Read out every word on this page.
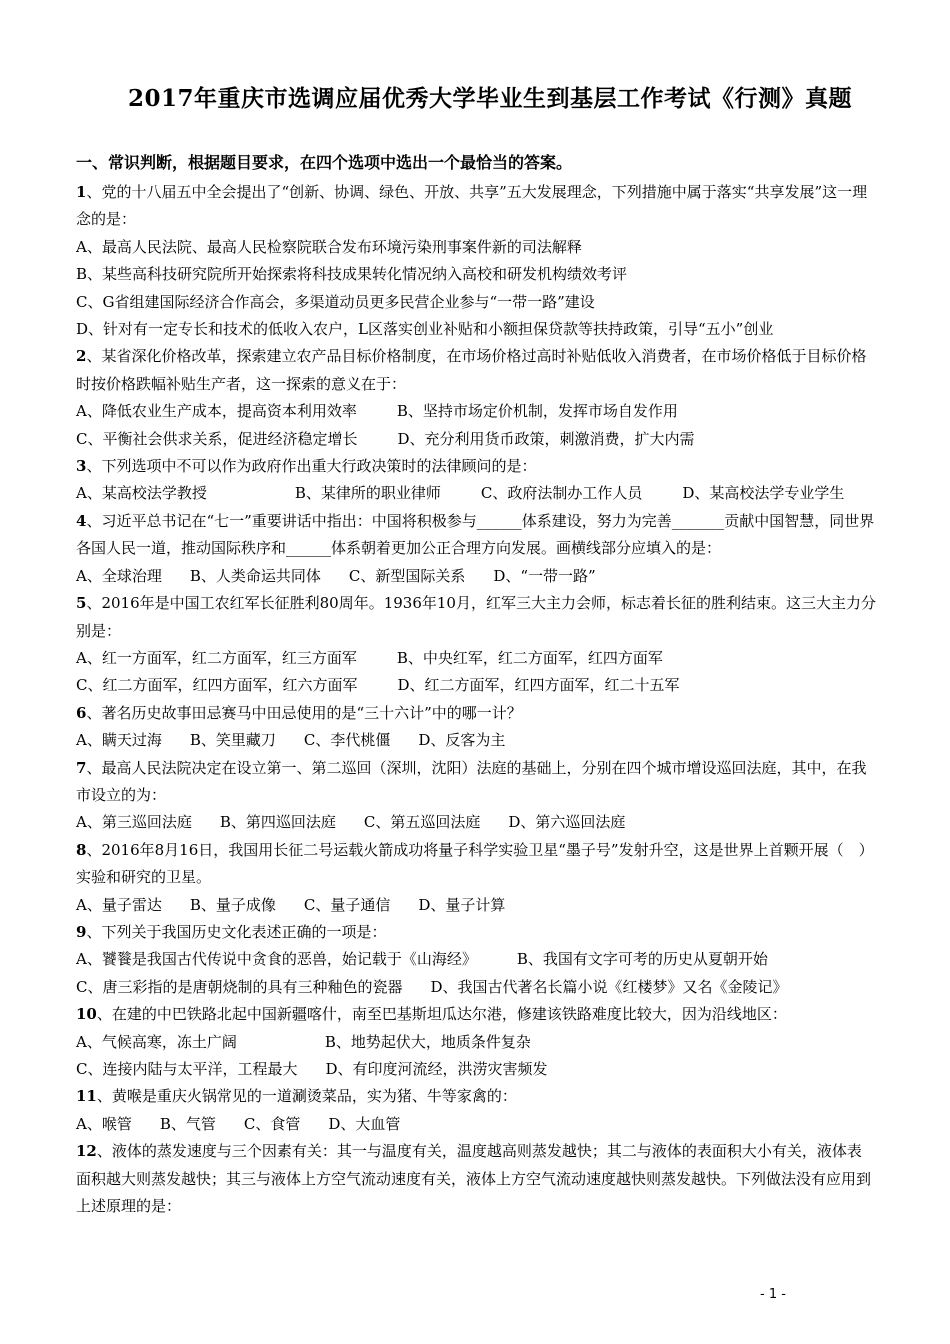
2017年重庆市选调应届优秀大学毕业生到基层工作考试《行测》真题
一、常识判断，根据题目要求，在四个选项中选出一个最恰当的答案。

1、党的十八届五中全会提出了“创新、协调、绿色、开放、共享”五大发展理念，下列措施中属于落实“共享发展”这一理念的是：

A、最高人民法院、最高人民检察院联合发布环境污染刑事案件新的司法解释

B、某些高科技研究院所开始探索将科技成果转化情况纳入高校和研发机构绩效考评

C、G省组建国际经济合作高会，多渠道动员更多民营企业参与“一带一路”建设

D、针对有一定专长和技术的低收入农户，L区落实创业补贴和小额担保贷款等扶持政策，引导“五小”创业

2、某省深化价格改革，探索建立农产品目标价格制度，在市场价格过高时补贴低收入消费者，在市场价格低于目标价格时按价格跌幅补贴生产者，这一探索的意义在于：

A、降低农业生产成本，提高资本利用效率	B、坚持市场定价机制，发挥市场自发作用

C、平衡社会供求关系，促进经济稳定增长	D、充分利用货币政策，刺激消费，扩大内需

3、下列选项中不可以作为政府作出重大行政决策时的法律顾问的是：

A、某高校法学教授	B、某律所的职业律师	C、政府法制办工作人员	D、某高校法学专业学生

4、习近平总书记在“七一”重要讲话中指出：中国将积极参与______体系建设，努力为完善_______贡献中国智慧，同世界各国人民一道，推动国际秩序和______体系朝着更加公正合理方向发展。画横线部分应填入的是：

A、全球治理 B、人类命运共同体 C、新型国际关系 D、“一带一路”

5、2016年是中国工农红军长征胜利80周年。1936年10月，红军三大主力会师，标志着长征的胜利结束。这三大主力分别是：

A、红一方面军，红二方面军，红三方面军	B、中央红军，红二方面军，红四方面军

C、红二方面军，红四方面军，红六方面军	D、红二方面军，红四方面军，红二十五军

6、著名历史故事田忌赛马中田忌使用的是“三十六计”中的哪一计？

A、瞒天过海 B、笑里藏刀 C、李代桃僵 D、反客为主

7、最高人民法院决定在设立第一、第二巡回（深圳，沈阳）法庭的基础上，分别在四个城市增设巡回法庭，其中，在我市设立的为：

A、第三巡回法庭 B、第四巡回法庭 C、第五巡回法庭 D、第六巡回法庭

8、2016年8月16日，我国用长征二号运载火箭成功将量子科学实验卫星“墨子号”发射升空，这是世界上首颗开展（　）实验和研究的卫星。

A、量子雷达 B、量子成像 C、量子通信 D、量子计算

9、下列关于我国历史文化表述正确的一项是：

A、饕餮是我国古代传说中贪食的恶兽，始记载于《山海经》	B、我国有文字可考的历史从夏朝开始

C、唐三彩指的是唐朝烧制的具有三种釉色的瓷器 D、我国古代著名长篇小说《红楼梦》又名《金陵记》

10、在建的中巴铁路北起中国新疆喀什，南至巴基斯坦瓜达尔港，修建该铁路难度比较大，因为沿线地区：

A、气候高寒，冻土广阔	B、地势起伏大，地质条件复杂

C、连接内陆与太平洋，工程最大 D、有印度河流经，洪涝灾害频发

11、黄喉是重庆火锅常见的一道涮烫菜品，实为猪、牛等家禽的：

A、喉管 B、气管 C、食管 D、大血管

12、液体的蒸发速度与三个因素有关：其一与温度有关，温度越高则蒸发越快；其二与液体的表面积大小有关，液体表面积越大则蒸发越快；其三与液体上方空气流动速度有关，液体上方空气流动速度越快则蒸发越快。下列做法没有应用到上述原理的是：

- 1 -
